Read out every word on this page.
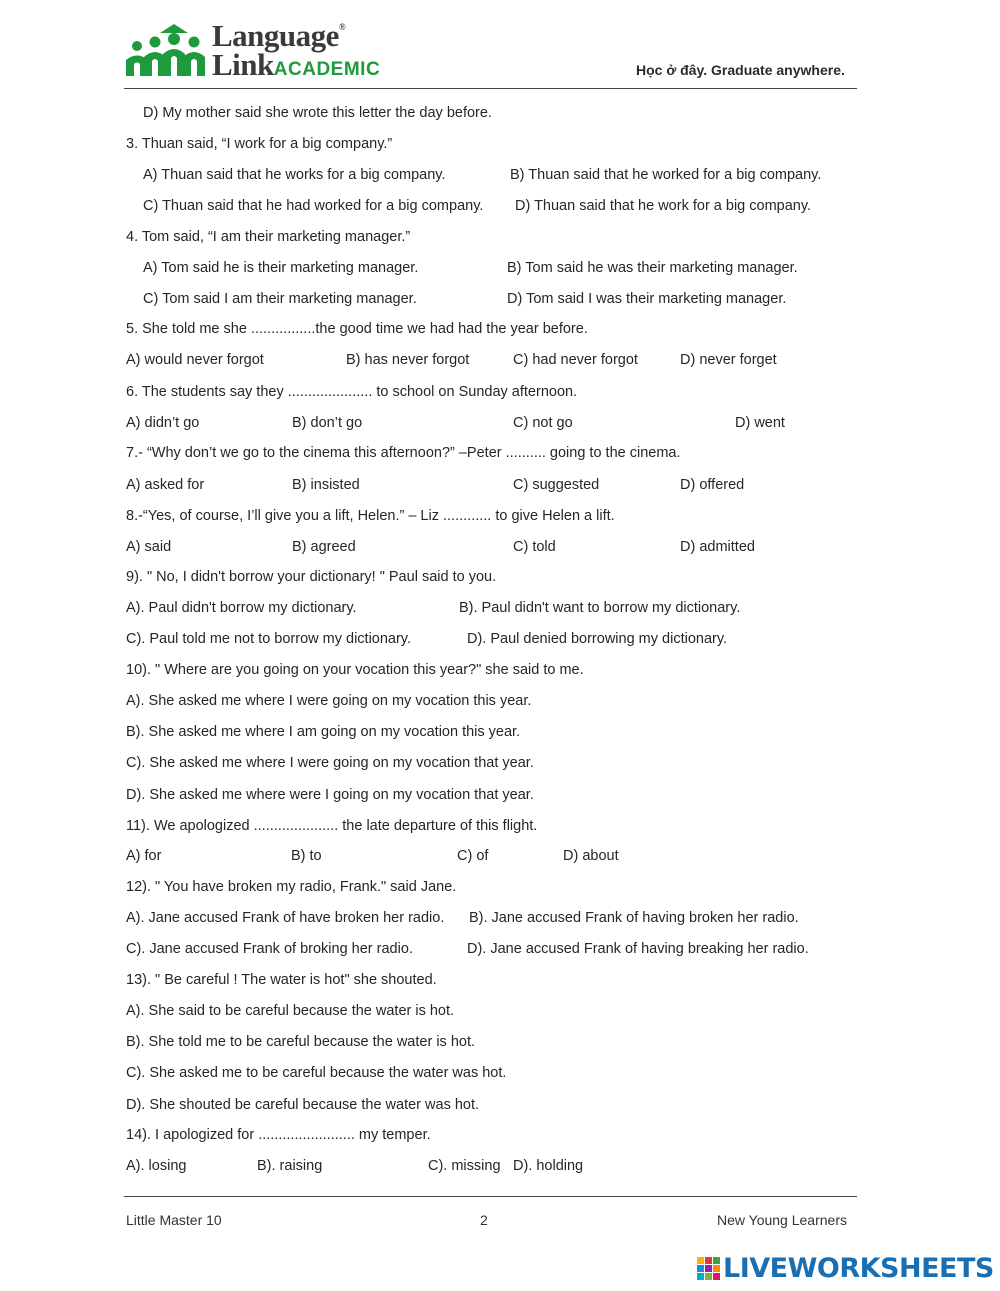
Language®
LinkACADEMIC	Học ở đây. Graduate anywhere.
D) My mother said she wrote this letter the day before.
3. Thuan said, “I work for a big company.”
A) Thuan said that he works for a big company.	B) Thuan said that he worked for a big company.
C) Thuan said that he had worked for a big company. D) Thuan said that he work for a big company.
4. Tom said, “I am their marketing manager.”
A) Tom said he is their marketing manager.	B) Tom said he was their marketing manager.
C) Tom said I am their marketing manager.	D) Tom said I was their marketing manager.
5. She told me she ................the good time we had had the year before.
A) would never forgot	B) has never forgot	C) had never forgot	D) never forget
6. The students say they ..................... to school on Sunday afternoon.
A) didn’t go	B) don’t go	C) not go	D) went
7.- “Why don’t we go to the cinema this afternoon?” –Peter .......... going to the cinema.
A) asked for	B) insisted	C) suggested	D) offered
8.-“Yes, of course, I’ll give you a lift, Helen.” – Liz ............ to give Helen a lift.
A) said	B) agreed	C) told	D) admitted
9). " No, I didn't borrow your dictionary! " Paul said to you.
A). Paul didn't borrow my dictionary.	B). Paul didn't want to borrow my dictionary.
C). Paul told me not to borrow my dictionary.	D). Paul denied borrowing my dictionary.
10). " Where are you going on your vocation this year?" she said to me.
A). She asked me where I were going on my vocation this year.
B). She asked me where I am going on my vocation this year.
C). She asked me where I were going on my vocation that year.
D). She asked me where were I going on my vocation that year.
11). We apologized ..................... the late departure of this flight.
A) for	B) to	C) of	D) about
12). " You have broken my radio, Frank." said Jane.
A). Jane accused Frank of have broken her radio. B). Jane accused Frank of having broken her radio.
C). Jane accused Frank of broking her radio.	D). Jane accused Frank of having breaking her radio.
13). " Be careful ! The water is hot" she shouted.
A). She said to be careful because the water is hot.
B). She told me to be careful because the water is hot.
C). She asked me to be careful because the water was hot.
D). She shouted be careful because the water was hot.
14). I apologized for ........................ my temper.
A). losing	B). raising	C). missing D). holding
Little Master 10	2	New Young Learners
LIVEWORKSHEETS
